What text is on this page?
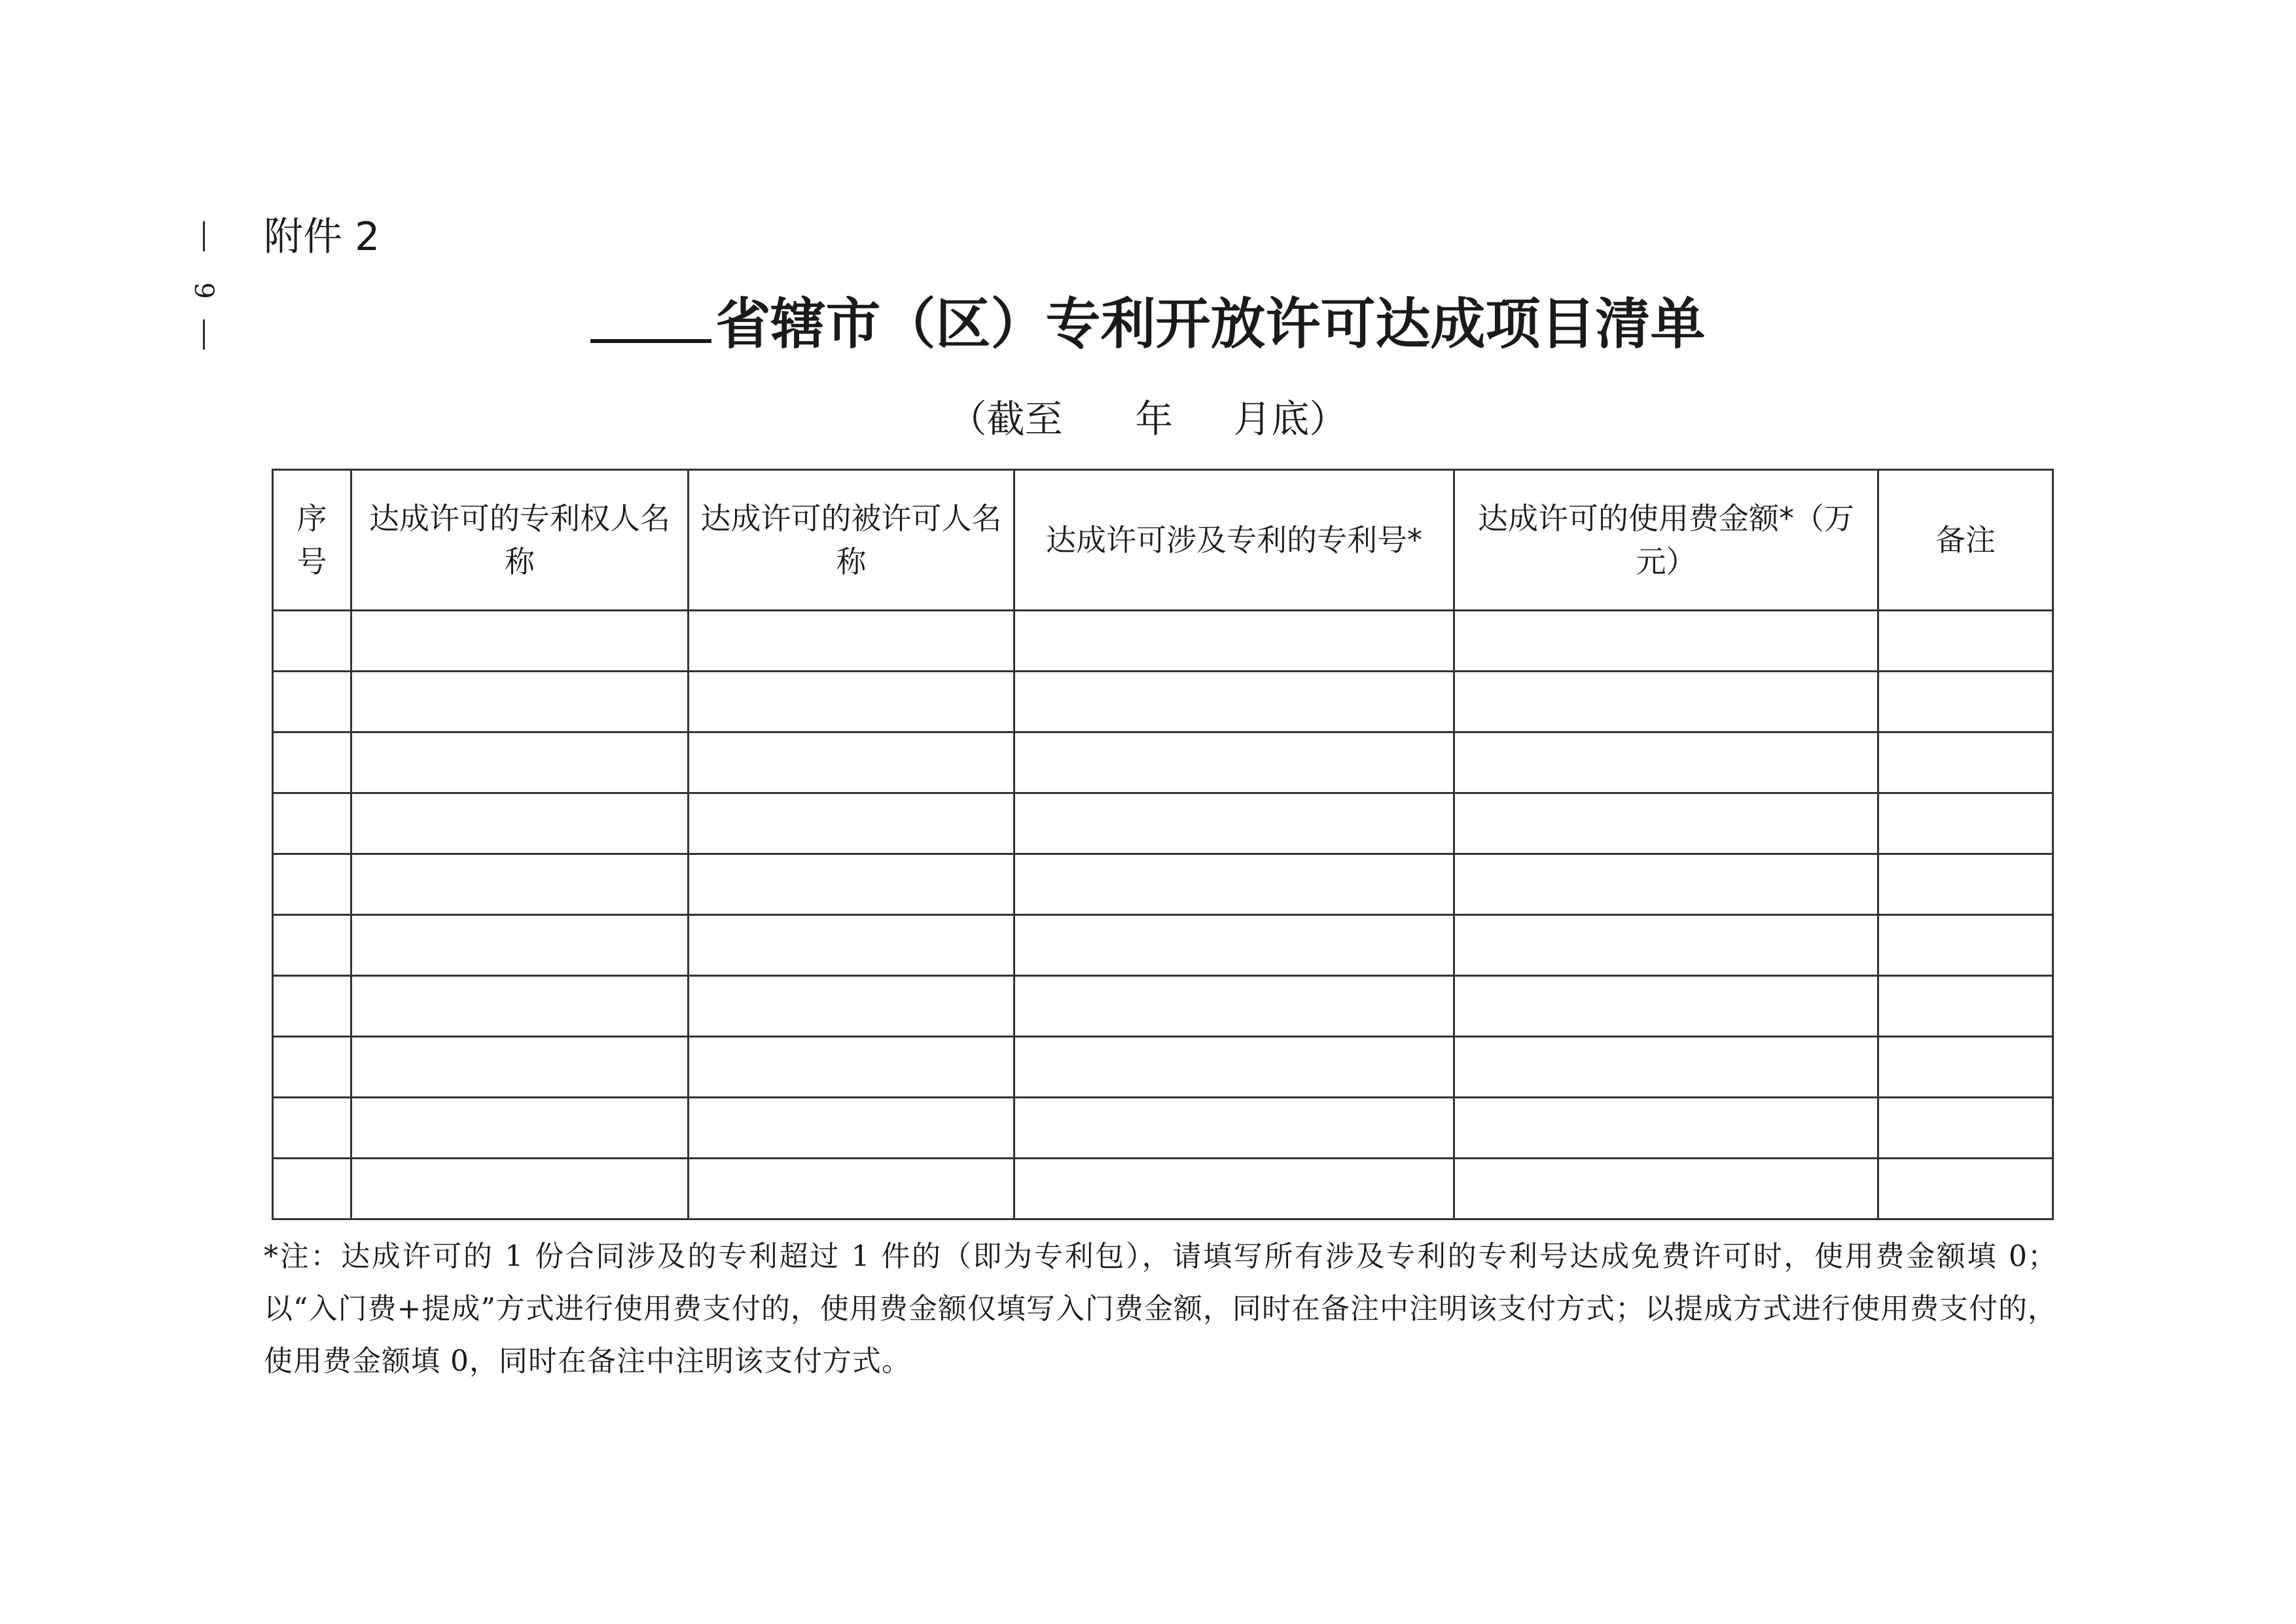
9
附件 2
省辖市（区）专利开放许可达成项目清单
（截至      年     月底）
序号	达成许可的专利权人名称	达成许可的被许可人名称	达成许可涉及专利的专利号*	达成许可的使用费金额*（万元）	备注

*注：达成许可的 1 份合同涉及的专利超过 1 件的（即为专利包），请填写所有涉及专利的专利号达成免费许可时，使用费金额填 0；以“入门费+提成”方式进行使用费支付的，使用费金额仅填写入门费金额，同时在备注中注明该支付方式；以提成方式进行使用费支付的，使用费金额填 0，同时在备注中注明该支付方式。
